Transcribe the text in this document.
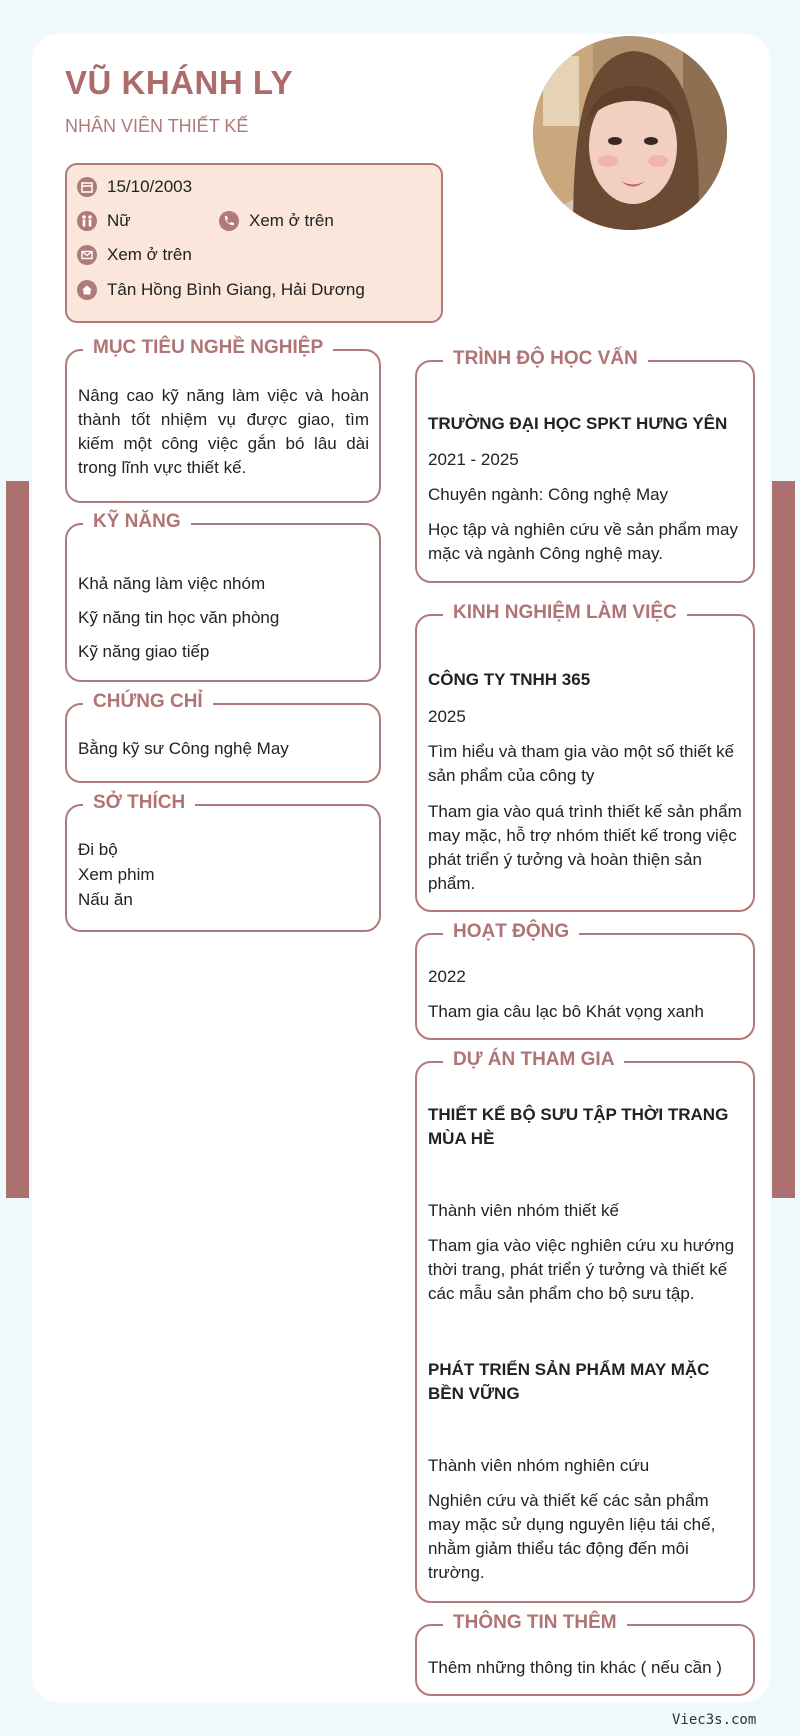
VŨ KHÁNH LY
NHÂN VIÊN THIẾT KẾ
15/10/2003
Nữ	Xem ở trên
Xem ở trên
Tân Hồng Bình Giang, Hải Dương
MỤC TIÊU NGHỀ NGHIỆP
Nâng cao kỹ năng làm việc và hoàn thành tốt nhiệm vụ được giao, tìm kiếm một công việc gắn bó lâu dài trong lĩnh vực thiết kế.
KỸ NĂNG
Khả năng làm việc nhóm
Kỹ năng tin học văn phòng
Kỹ năng giao tiếp
CHỨNG CHỈ
Bằng kỹ sư Công nghệ May
SỞ THÍCH
Đi bộ
Xem phim
Nấu ăn
TRÌNH ĐỘ HỌC VẤN
TRƯỜNG ĐẠI HỌC SPKT HƯNG YÊN
2021 - 2025
Chuyên ngành: Công nghệ May
Học tập và nghiên cứu về sản phẩm may mặc và ngành Công nghệ may.
KINH NGHIỆM LÀM VIỆC
CÔNG TY TNHH 365
2025
Tìm hiểu và tham gia vào một số thiết kế sản phẩm của công ty
Tham gia vào quá trình thiết kế sản phẩm may mặc, hỗ trợ nhóm thiết kế trong việc phát triển ý tưởng và hoàn thiện sản phẩm.
HOẠT ĐỘNG
2022
Tham gia câu lạc bô Khát vọng xanh
DỰ ÁN THAM GIA
THIẾT KẾ BỘ SƯU TẬP THỜI TRANG MÙA HÈ
Thành viên nhóm thiết kế
Tham gia vào việc nghiên cứu xu hướng thời trang, phát triển ý tưởng và thiết kế các mẫu sản phẩm cho bộ sưu tập.
PHÁT TRIỂN SẢN PHẨM MAY MẶC BỀN VỮNG
Thành viên nhóm nghiên cứu
Nghiên cứu và thiết kế các sản phẩm may mặc sử dụng nguyên liệu tái chế, nhằm giảm thiểu tác động đến môi trường.
THÔNG TIN THÊM
Thêm những thông tin khác ( nếu cần )
Viec3s.com
